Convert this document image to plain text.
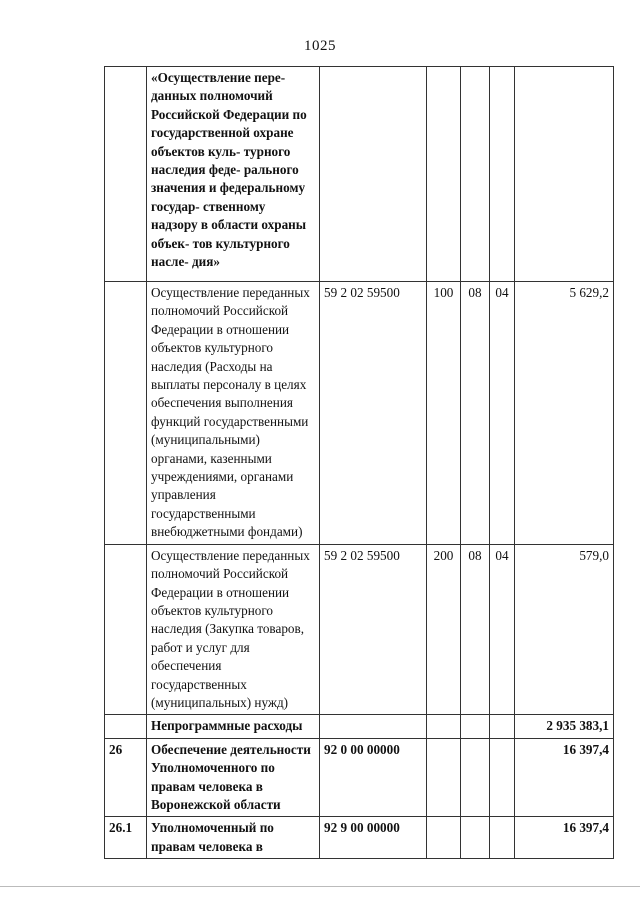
1025
	«Осуществление пере- данных полномочий Российской Федерации по государственной охране объектов куль- турного наследия феде- рального значения и федеральному государ- ственному надзору в области охраны объек- тов культурного насле- дия»					
	Осуществление переданных полномочий Российской Федерации в отношении объектов культурного наследия (Расходы на выплаты персоналу в целях обеспечения выполнения функций государственными (муниципальными) органами, казенными учреждениями, органами управления государственными внебюджетными фондами)	59 2 02 59500	100	08	04	5 629,2
	Осуществление переданных полномочий Российской Федерации в отношении объектов культурного наследия (Закупка товаров, работ и услуг для обеспечения государственных (муниципальных) нужд)	59 2 02 59500	200	08	04	579,0
	Непрограммные расходы					2 935 383,1
26	Обеспечение деятельности Уполномоченного по правам человека в Воронежской области	92 0 00 00000				16 397,4
26.1	Уполномоченный по правам человека в	92 9 00 00000				16 397,4
